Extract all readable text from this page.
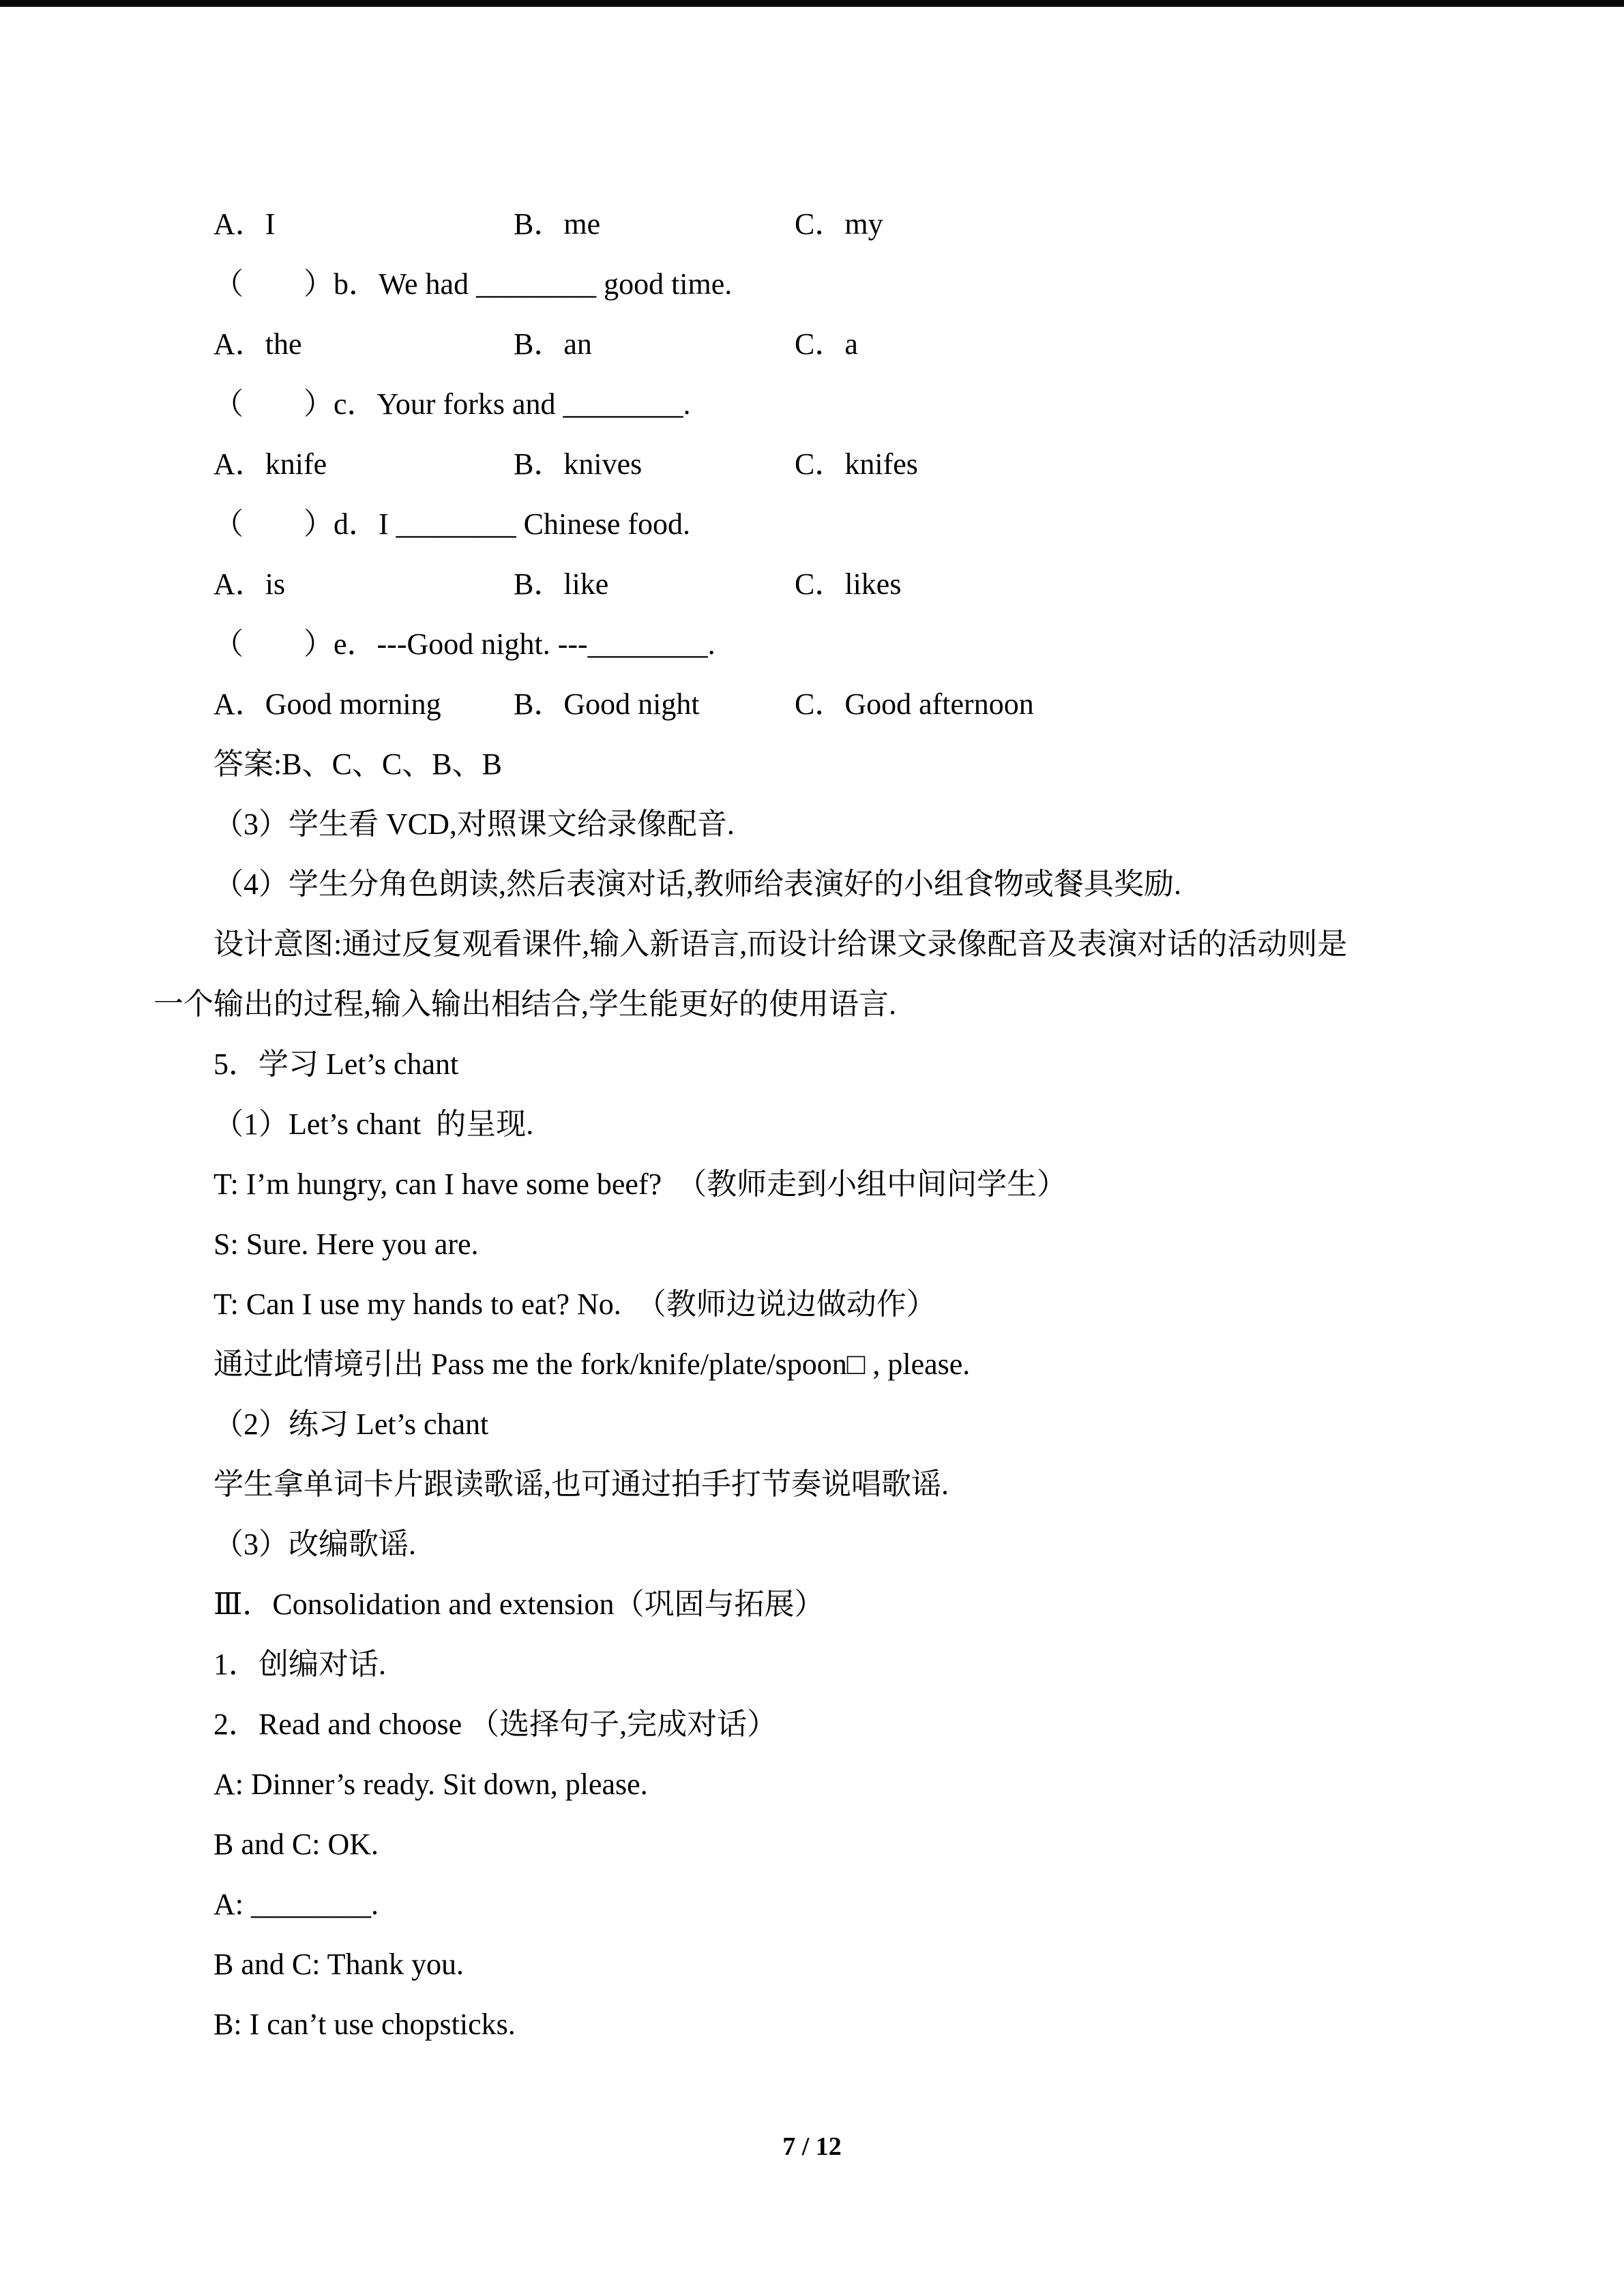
A．I	B．me	C．my
（        ）b．We had ________ good time.
A．the	B．an	C．a
（        ）c．Your forks and ________.
A．knife	B．knives	C．knifes
（        ）d．I ________ Chinese food.
A．is	B．like	C．likes
（        ）e．---Good night. ---________.
A．Good morning	B．Good night	C．Good afternoon
答案:B、C、C、B、B
（3）学生看 VCD,对照课文给录像配音.
（4）学生分角色朗读,然后表演对话,教师给表演好的小组食物或餐具奖励.
设计意图:通过反复观看课件,输入新语言,而设计给课文录像配音及表演对话的活动则是
一个输出的过程,输入输出相结合,学生能更好的使用语言.
5．学习 Let’s chant
（1）Let’s chant  的呈现.
T: I’m hungry, can I have some beef?  （教师走到小组中间问学生）
S: Sure. Here you are.
T: Can I use my hands to eat? No.  （教师边说边做动作）
通过此情境引出 Pass me the fork/knife/plate/spoon□ , please.
（2）练习 Let’s chant
学生拿单词卡片跟读歌谣,也可通过拍手打节奏说唱歌谣.
（3）改编歌谣.
Ⅲ．Consolidation and extension（巩固与拓展）
1．创编对话.
2．Read and choose （选择句子,完成对话）
A: Dinner’s ready. Sit down, please.
B and C: OK.
A: ________.
B and C: Thank you.
B: I can’t use chopsticks.
7 / 12
